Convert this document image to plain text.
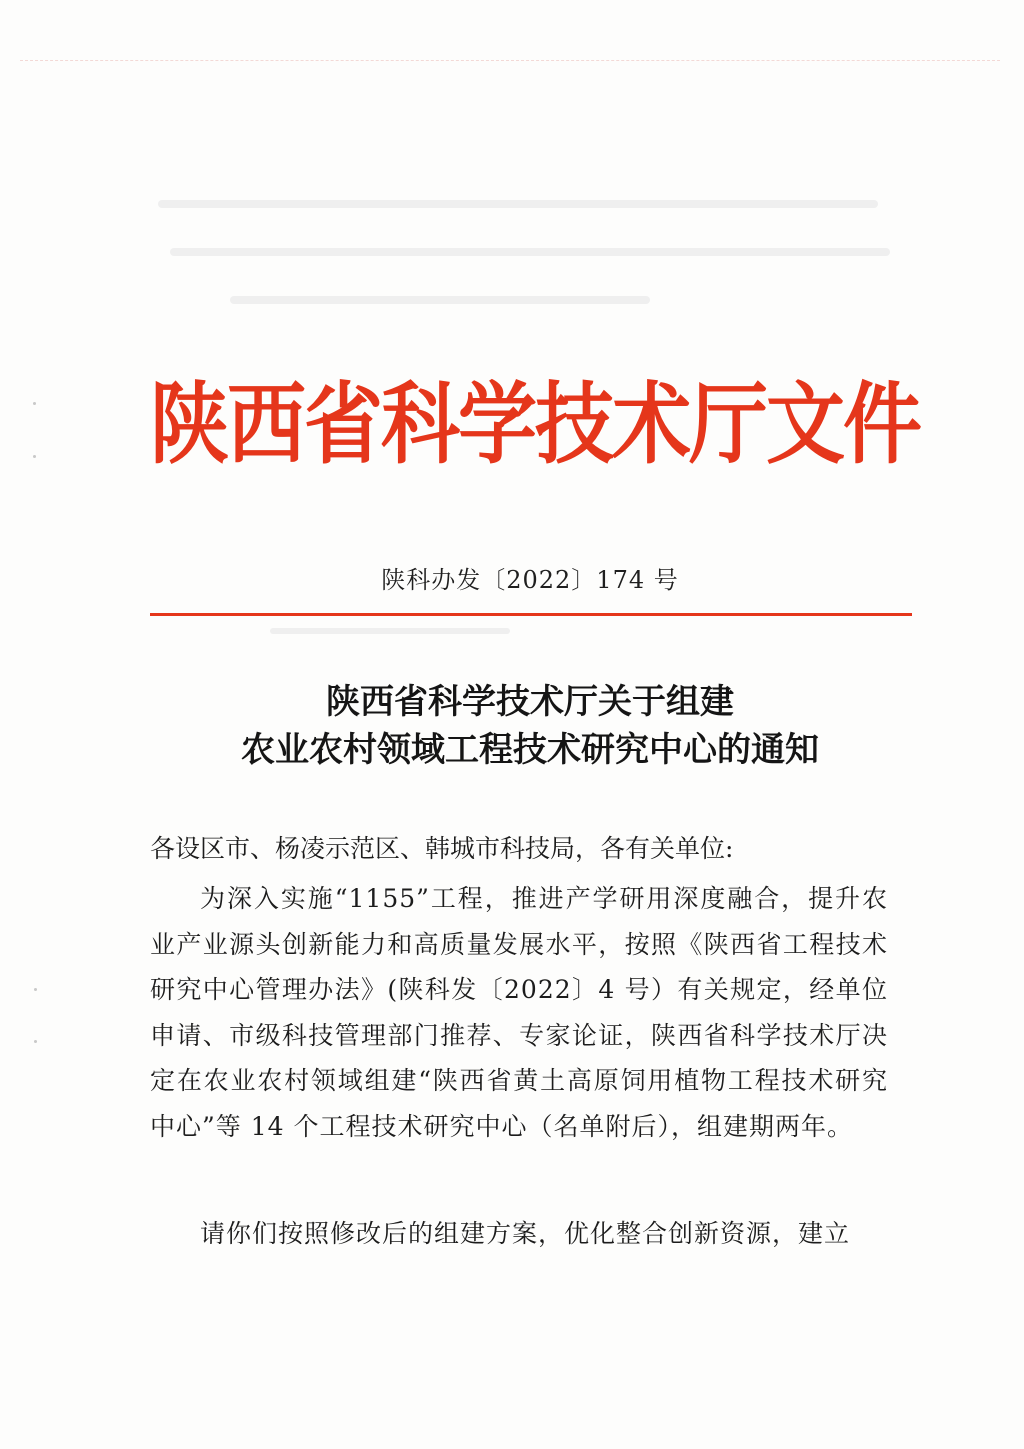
陕西省科学技术厅文件
陕科办发〔2022〕174 号
陕西省科学技术厅关于组建
农业农村领域工程技术研究中心的通知
各设区市、杨凌示范区、韩城市科技局，各有关单位:
为深入实施“1155”工程，推进产学研用深度融合，提升农业产业源头创新能力和高质量发展水平，按照《陕西省工程技术研究中心管理办法》(陕科发〔2022〕4 号）有关规定，经单位申请、市级科技管理部门推荐、专家论证，陕西省科学技术厅决定在农业农村领域组建“陕西省黄土高原饲用植物工程技术研究中心”等 14 个工程技术研究中心（名单附后），组建期两年。
请你们按照修改后的组建方案，优化整合创新资源，建立
